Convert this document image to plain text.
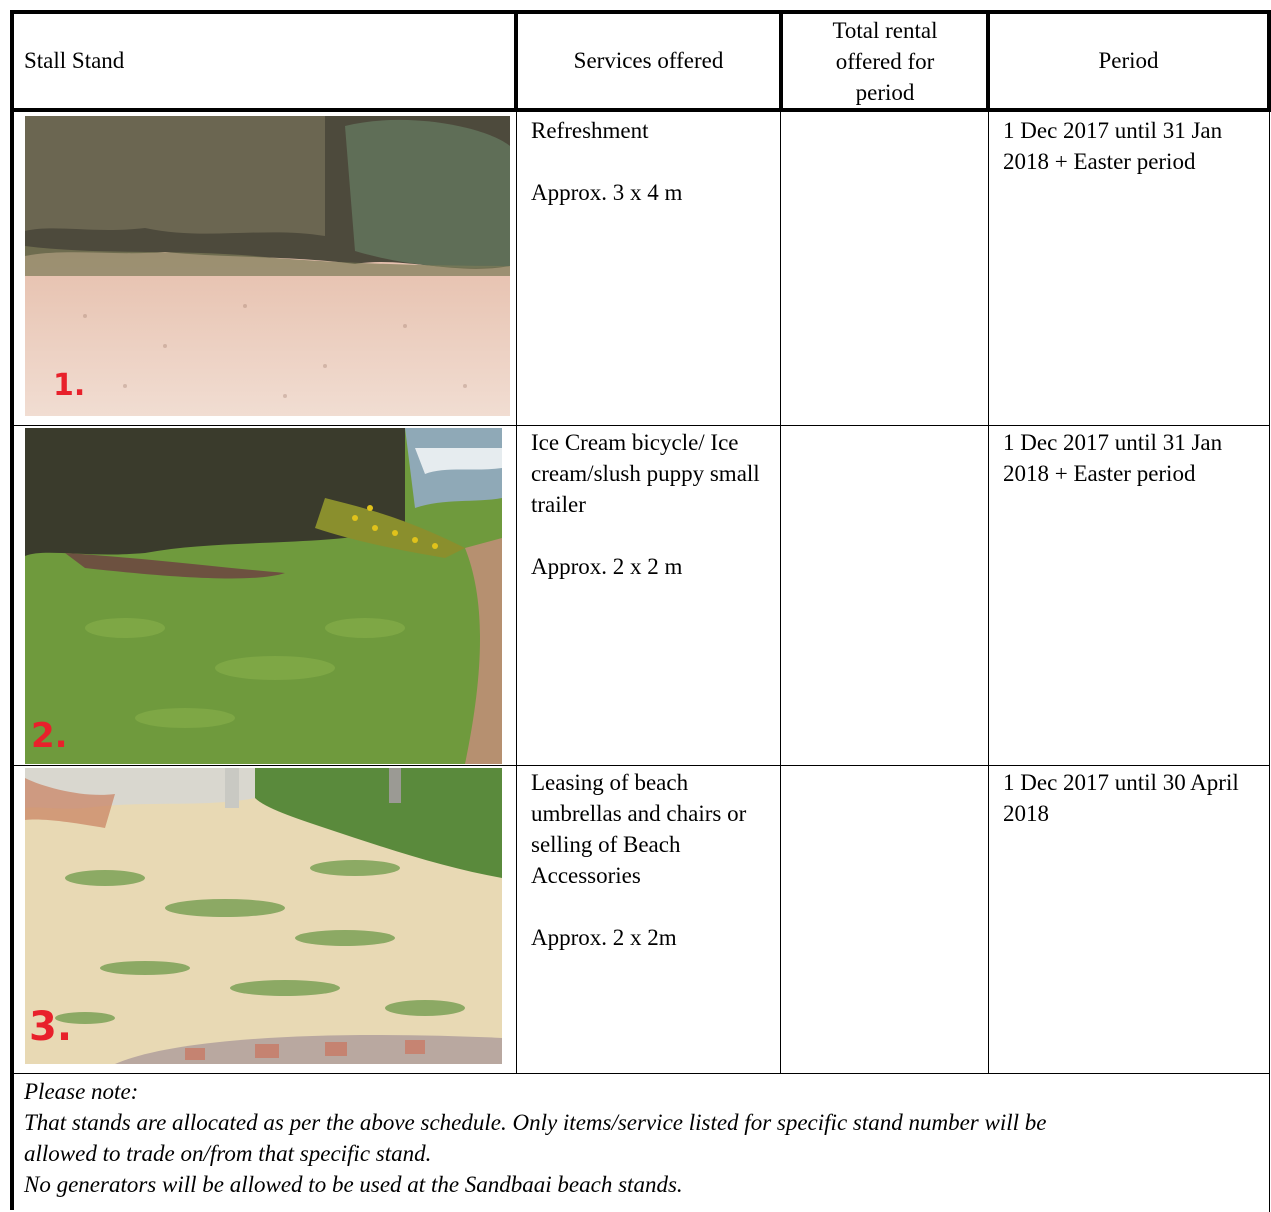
Stall Stand	Services offered
Total rental offered for period
Period
1.
Refreshment
Approx. 3 x 4 m
1 Dec 2017 until 31 Jan 2018 + Easter period
2.
Ice Cream bicycle/ Ice cream/slush puppy small trailer
Approx. 2 x 2 m
1 Dec 2017 until 31 Jan 2018 + Easter period
3.
Leasing of beach umbrellas and chairs or selling of Beach Accessories
Approx. 2 x 2m
1 Dec 2017 until 30 April 2018
Please note:
That stands are allocated as per the above schedule. Only items/service listed for specific stand number will be
allowed to trade on/from that specific stand.
No generators will be allowed to be used at the Sandbaai beach stands.
